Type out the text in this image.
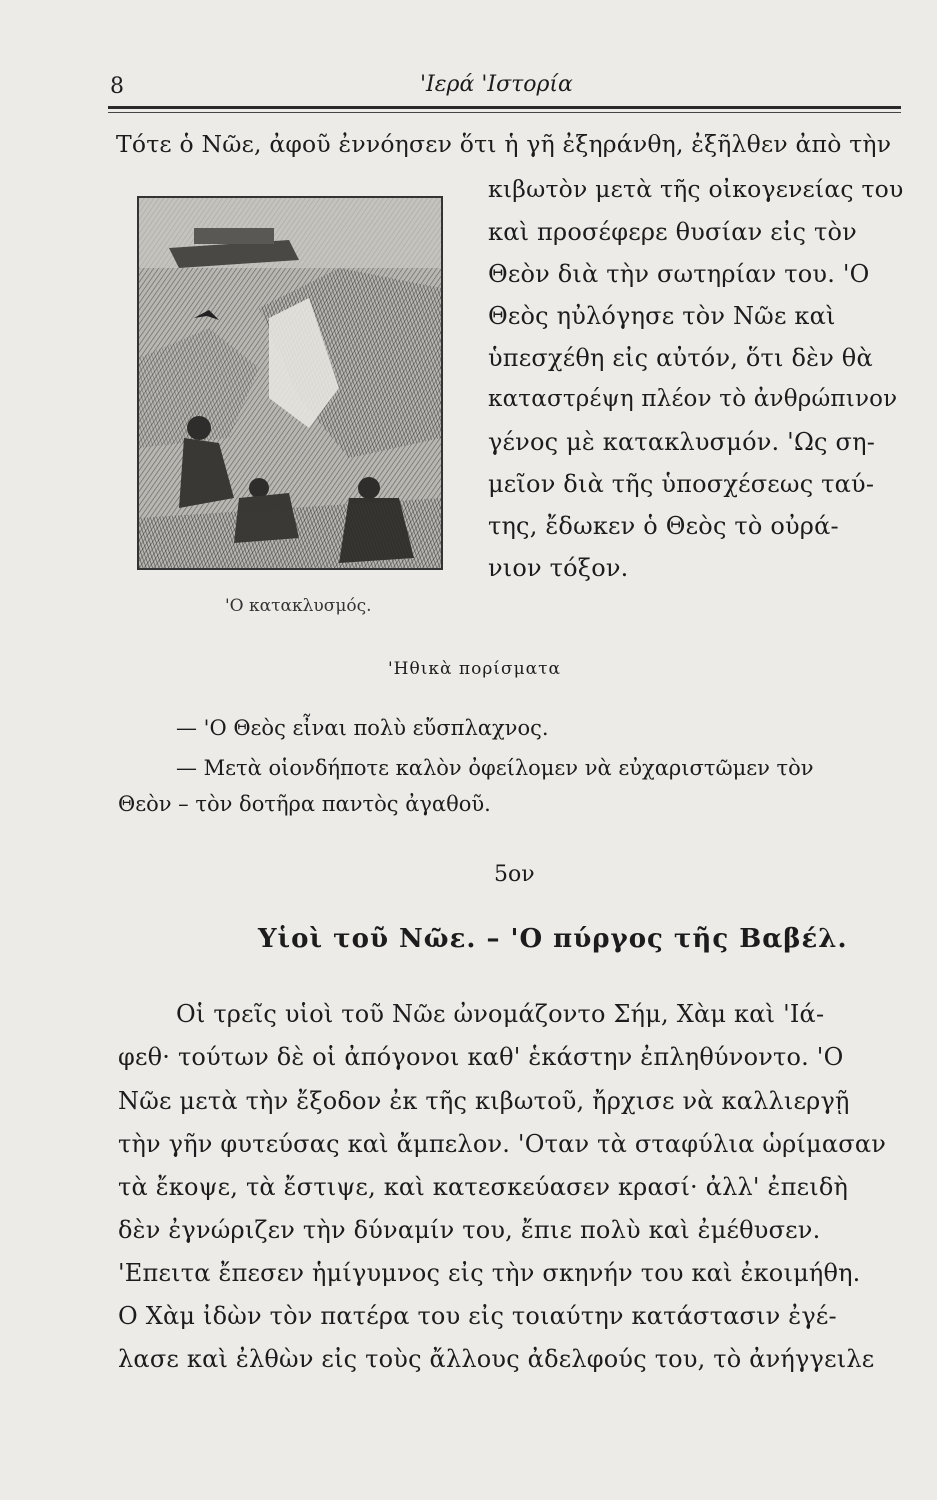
8	'Ιερά 'Ιστορία
Τότε ὁ Νῶε, ἀφοῦ ἐννόησεν ὅτι ἡ γῆ ἐξηράνθη, ἐξῆλθεν ἀπὸ τὴν
κιβωτὸν μετὰ τῆς οἰκογενείας του
καὶ προσέφερε θυσίαν εἰς τὸν
Θεὸν διὰ τὴν σωτηρίαν του. 'Ο
Θεὸς ηὐλόγησε τὸν Νῶε καὶ
ὑπεσχέθη εἰς αὐτόν, ὅτι δὲν θὰ
καταστρέψη πλέον τὸ ἀνθρώπινον
γένος μὲ κατακλυσμόν. 'Ως ση-
μεῖον διὰ τῆς ὑποσχέσεως ταύ-
της, ἔδωκεν ὁ Θεὸς τὸ οὐρά-
νιον τόξον.
'Ο κατακλυσμός.
'Ηθικὰ πορίσματα
— 'Ο Θεὸς εἶναι πολὺ εὔσπλαχνος.
— Μετὰ οἱονδήποτε καλὸν ὀφείλομεν νὰ εὐχαριστῶμεν τὸν
Θεὸν – τὸν δοτῆρα παντὸς ἀγαθοῦ.
5ον
Υἱοὶ τοῦ Νῶε. – 'Ο πύργος τῆς Βαβέλ.
Οἱ τρεῖς υἱοὶ τοῦ Νῶε ὠνομάζοντο Σήμ, Χὰμ καὶ 'Ιά-
φεθ· τούτων δὲ οἱ ἀπόγονοι καθ' ἑκάστην ἐπληθύνοντο. 'Ο
Νῶε μετὰ τὴν ἔξοδον ἐκ τῆς κιβωτοῦ, ἤρχισε νὰ καλλιεργῇ
τὴν γῆν φυτεύσας καὶ ἄμπελον. 'Οταν τὰ σταφύλια ὡρίμασαν
τὰ ἔκοψε, τὰ ἔστιψε, καὶ κατεσκεύασεν κρασί· ἀλλ' ἐπειδὴ
δὲν ἐγνώριζεν τὴν δύναμίν του, ἔπιε πολὺ καὶ ἐμέθυσεν.
'Επειτα ἔπεσεν ἡμίγυμνος εἰς τὴν σκηνήν του καὶ ἐκοιμήθη.
Ο Χὰμ ἰδὼν τὸν πατέρα του εἰς τοιαύτην κατάστασιν ἐγέ-
λασε καὶ ἐλθὼν εἰς τοὺς ἄλλους ἀδελφούς του, τὸ ἀνήγγειλε
